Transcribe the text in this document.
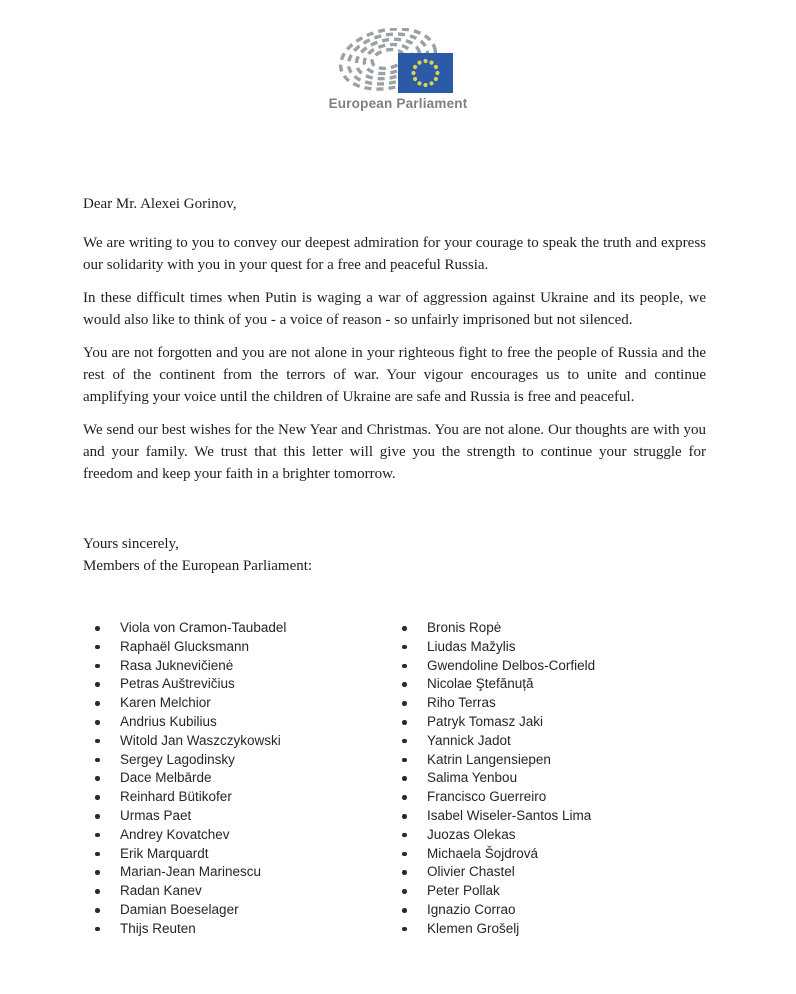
European Parliament

Dear Mr. Alexei Gorinov,

We are writing to you to convey our deepest admiration for your courage to speak the truth and express our solidarity with you in your quest for a free and peaceful Russia.

In these difficult times when Putin is waging a war of aggression against Ukraine and its people, we would also like to think of you - a voice of reason - so unfairly imprisoned but not silenced.

You are not forgotten and you are not alone in your righteous fight to free the people of Russia and the rest of the continent from the terrors of war. Your vigour encourages us to unite and continue amplifying your voice until the children of Ukraine are safe and Russia is free and peaceful.

We send our best wishes for the New Year and Christmas. You are not alone. Our thoughts are with you and your family. We trust that this letter will give you the strength to continue your struggle for freedom and keep your faith in a brighter tomorrow.

Yours sincerely,
Members of the European Parliament:
Viola von Cramon-Taubadel
Raphaël Glucksmann
Rasa Juknevičienė
Petras Auštrevičius
Karen Melchior
Andrius Kubilius
Witold Jan Waszczykowski
Sergey Lagodinsky
Dace Melbārde
Reinhard Bütikofer
Urmas Paet
Andrey Kovatchev
Erik Marquardt
Marian-Jean Marinescu
Radan Kanev
Damian Boeselager
Thijs Reuten
Bronis Ropė
Liudas Mažylis
Gwendoline Delbos-Corfield
Nicolae Ştefănuță
Riho Terras
Patryk Tomasz Jaki
Yannick Jadot
Katrin Langensiepen
Salima Yenbou
Francisco Guerreiro
Isabel Wiseler-Santos Lima
Juozas Olekas
Michaela Šojdrová
Olivier Chastel
Peter Pollak
Ignazio Corrao
Klemen Grošelj
